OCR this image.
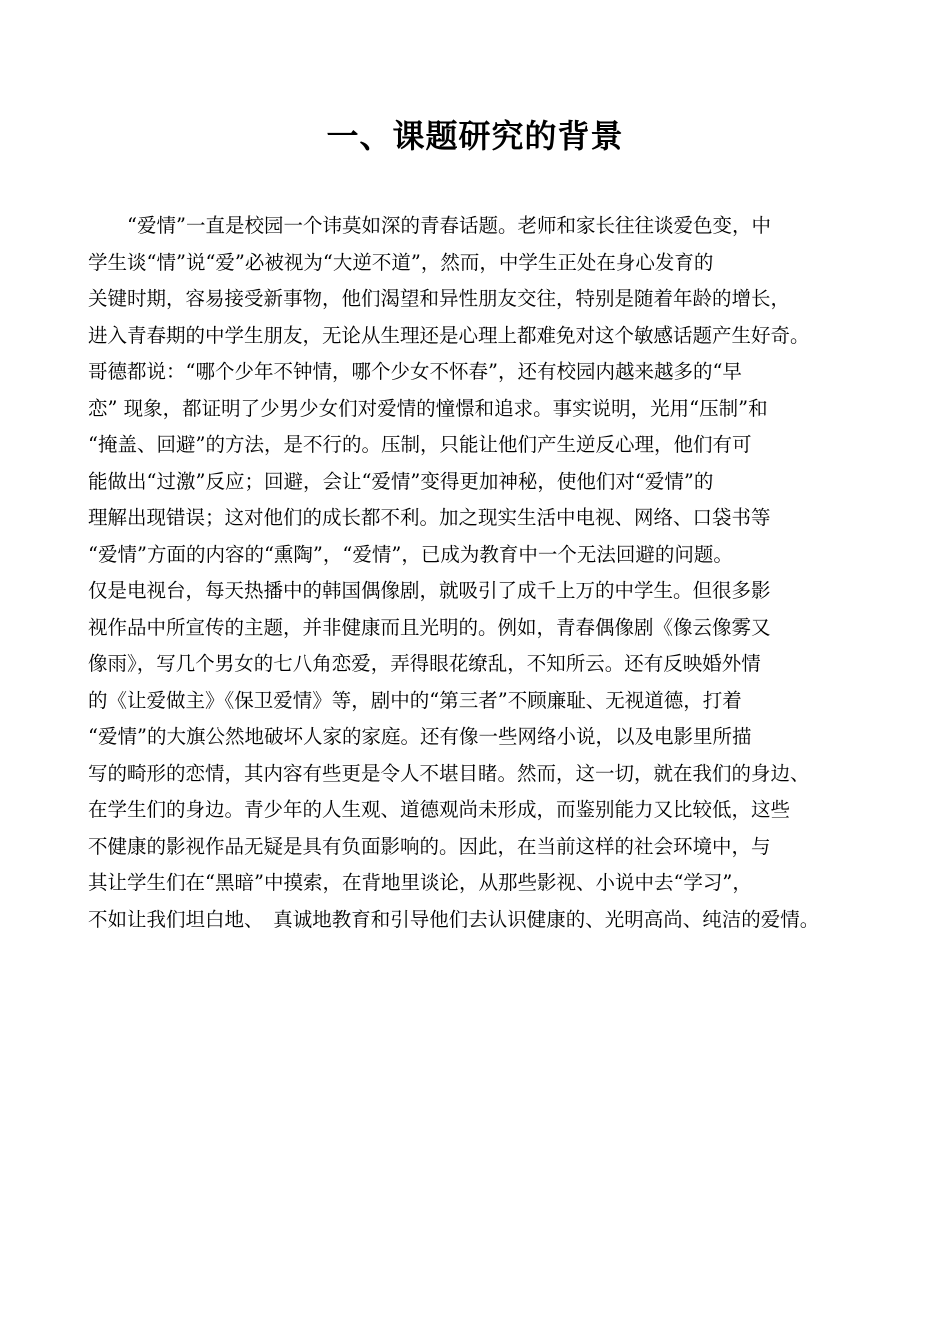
一、课题研究的背景
　　“爱情”一直是校园一个讳莫如深的青春话题。老师和家长往往谈爱色变，中
学生谈“情”说“爱”必被视为“大逆不道”，然而，中学生正处在身心发育的
关键时期，容易接受新事物，他们渴望和异性朋友交往，特别是随着年龄的增长，
进入青春期的中学生朋友，无论从生理还是心理上都难免对这个敏感话题产生好奇。
哥德都说：“哪个少年不钟情，哪个少女不怀春”，还有校园内越来越多的“早
恋” 现象，都证明了少男少女们对爱情的憧憬和追求。事实说明，光用“压制”和
“掩盖、回避”的方法，是不行的。压制，只能让他们产生逆反心理，他们有可
能做出“过激”反应；回避，会让“爱情”变得更加神秘，使他们对“爱情”的
理解出现错误；这对他们的成长都不利。加之现实生活中电视、网络、口袋书等
“爱情”方面的内容的“熏陶”，“爱情”，已成为教育中一个无法回避的问题。
仅是电视台，每天热播中的韩国偶像剧，就吸引了成千上万的中学生。但很多影
视作品中所宣传的主题，并非健康而且光明的。例如，青春偶像剧《像云像雾又
像雨》，写几个男女的七八角恋爱，弄得眼花缭乱，不知所云。还有反映婚外情
的《让爱做主》《保卫爱情》等，剧中的“第三者”不顾廉耻、无视道德，打着
“爱情”的大旗公然地破坏人家的家庭。还有像一些网络小说，以及电影里所描
写的畸形的恋情，其内容有些更是令人不堪目睹。然而，这一切，就在我们的身边、
在学生们的身边。青少年的人生观、道德观尚未形成，而鉴别能力又比较低，这些
不健康的影视作品无疑是具有负面影响的。因此，在当前这样的社会环境中，与
其让学生们在“黑暗”中摸索，在背地里谈论，从那些影视、小说中去“学习”，
不如让我们坦白地、　真诚地教育和引导他们去认识健康的、光明高尚、纯洁的爱情。
